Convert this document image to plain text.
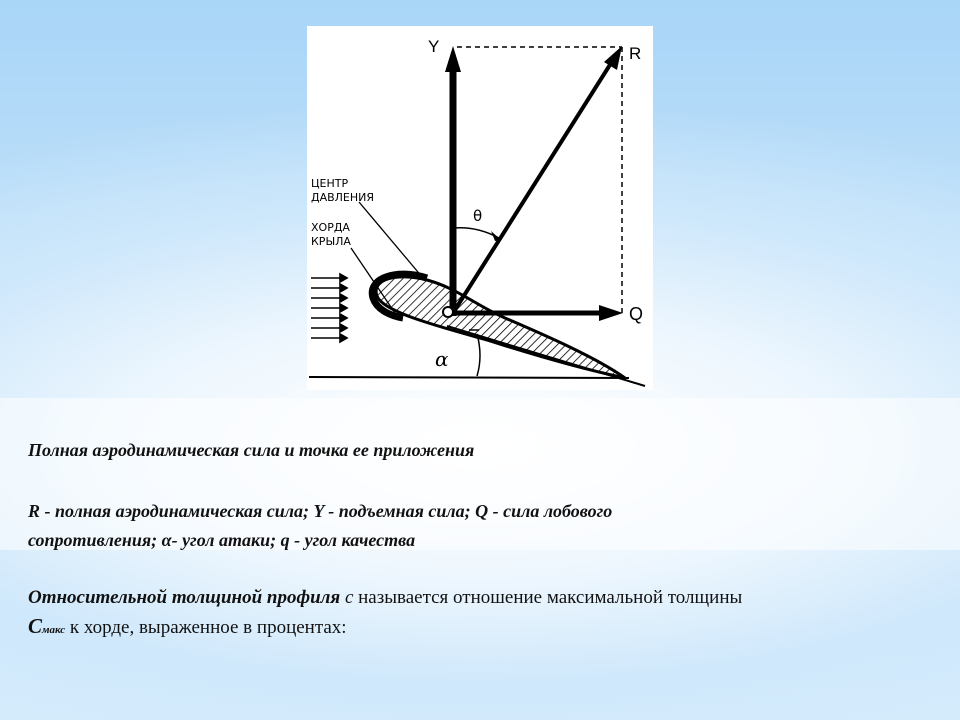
Y	R
Q
θ
α
ЦЕНТР
ДАВЛЕНИЯ
ХОРДА
КРЫЛА
Полная аэродинамическая сила и точка ее приложения
R - полная аэродинамическая сила; Y - подъемная сила; Q - сила лобового
сопротивления; α- угол атаки; q - угол качества
Относительной толщиной профиля с называется отношение максимальной толщины
Cмакс к хорде, выраженное в процентах:
